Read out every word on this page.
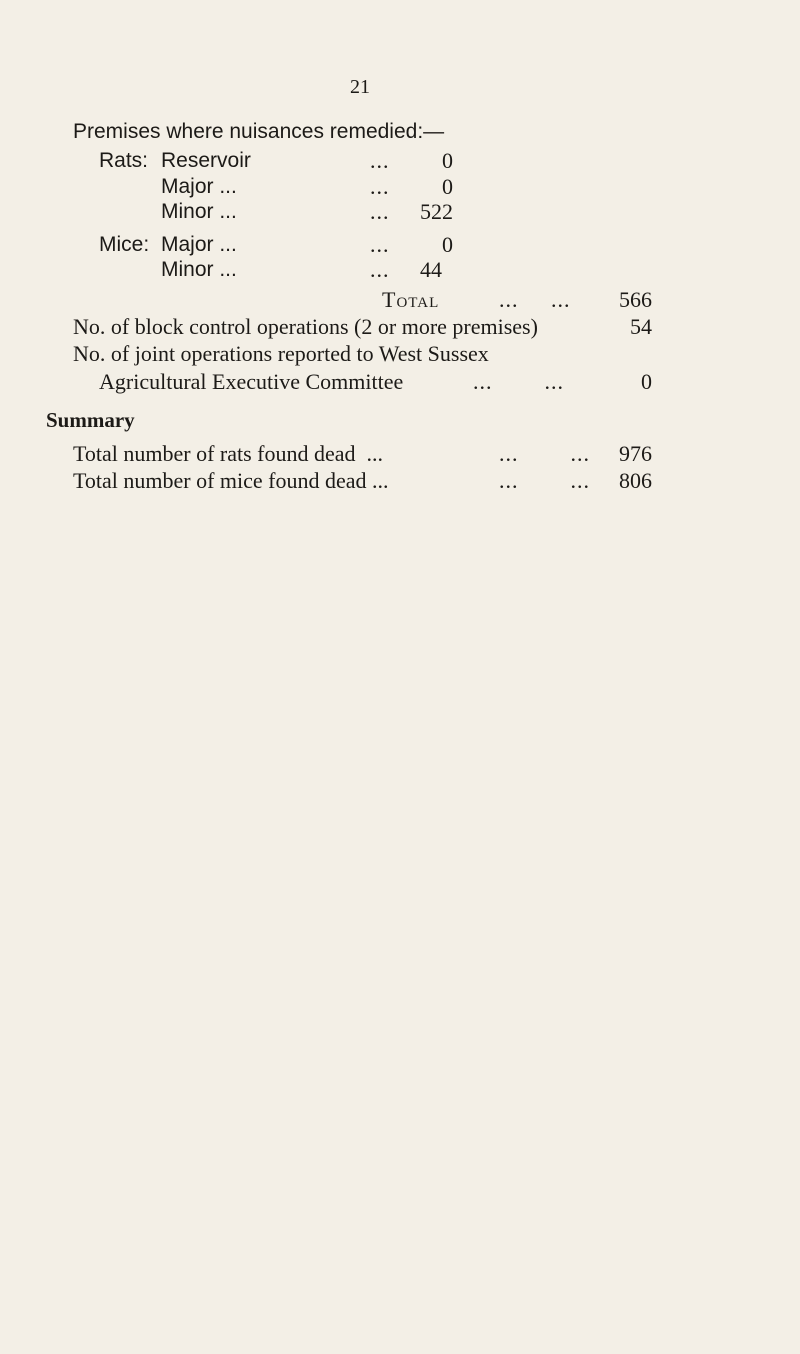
21
Premises where nuisances remedied:—
Rats: Reservoir	...	0
Major ...	...	0
Minor ...	...	522
Mice: Major ...	...	0
Minor ...	...	44
Total	...     ...	566
No. of block control operations (2 or more premises)	54
No. of joint operations reported to West Sussex
Agricultural Executive Committee	...        ...	0
Summary
Total number of rats found dead  ...	...        ...	976
Total number of mice found dead ...	...        ...	806
